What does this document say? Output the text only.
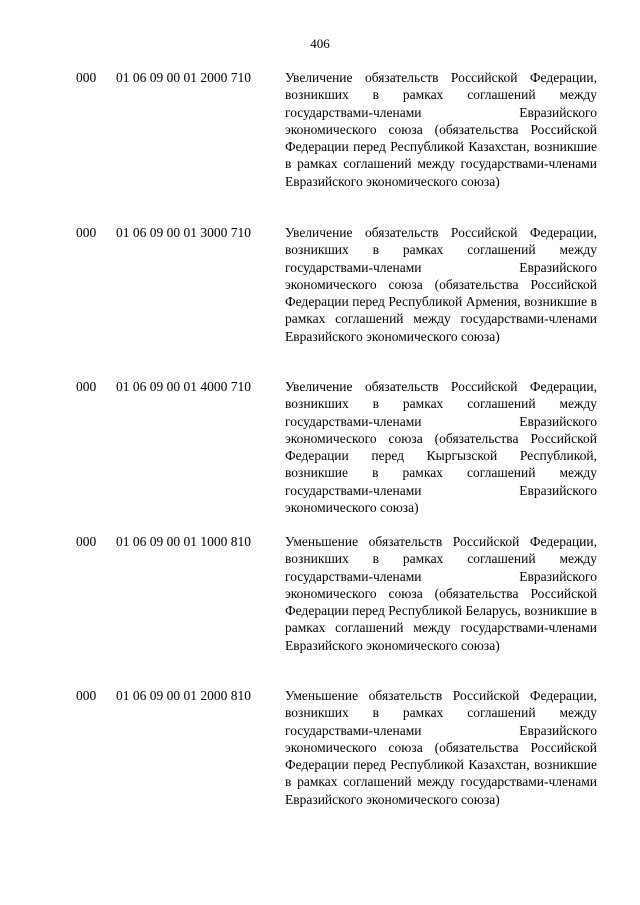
406
000 01 06 09 00 01 2000 710	Увеличение обязательств Российской Федерации, возникших в рамках соглашений между государствами-членами Евразийского экономического союза (обязательства Российской Федерации перед Республикой Казахстан, возникшие в рамках соглашений между государствами-членами Евразийского экономического союза)
000 01 06 09 00 01 3000 710	Увеличение обязательств Российской Федерации, возникших в рамках соглашений между государствами-членами Евразийского экономического союза (обязательства Российской Федерации перед Республикой Армения, возникшие в рамках соглашений между государствами-членами Евразийского экономического союза)
000 01 06 09 00 01 4000 710	Увеличение обязательств Российской Федерации, возникших в рамках соглашений между государствами-членами Евразийского экономического союза (обязательства Российской Федерации перед Кыргызской Республикой, возникшие в рамках соглашений между государствами-членами Евразийского экономического союза)
000 01 06 09 00 01 1000 810	Уменьшение обязательств Российской Федерации, возникших в рамках соглашений между государствами-членами Евразийского экономического союза (обязательства Российской Федерации перед Республикой Беларусь, возникшие в рамках соглашений между государствами-членами Евразийского экономического союза)
000 01 06 09 00 01 2000 810	Уменьшение обязательств Российской Федерации, возникших в рамках соглашений между государствами-членами Евразийского экономического союза (обязательства Российской Федерации перед Республикой Казахстан, возникшие в рамках соглашений между государствами-членами Евразийского экономического союза)
